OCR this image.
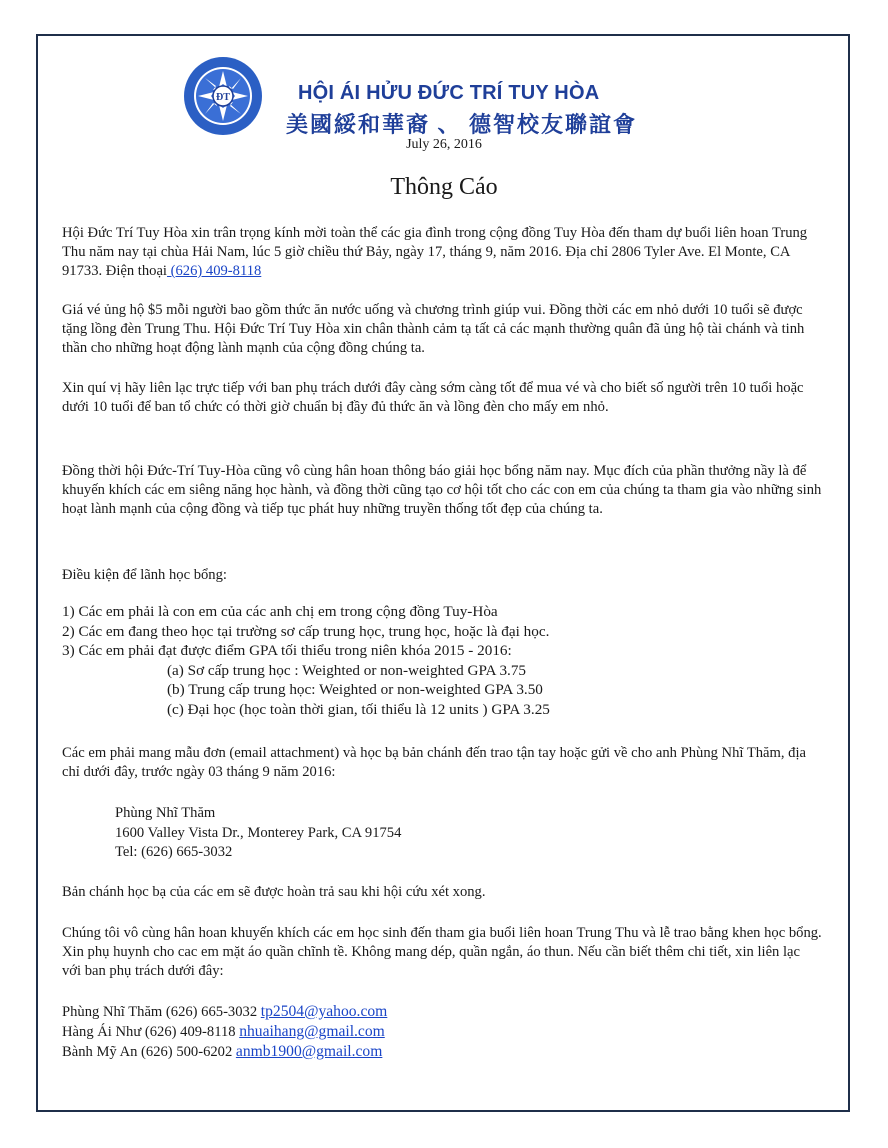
ĐT	HỘI ÁI HỬU ĐỨC TRÍ TUY HÒA
美國綏和華裔 、 德智校友聯誼會
July 26, 2016
Thông Cáo
Hội Đức Trí Tuy Hòa xin trân trọng kính mời toàn thể các gia đình trong cộng đồng Tuy Hòa đến tham dự buổi liên hoan Trung Thu năm nay tại chùa Hải Nam, lúc 5 giờ chiều thứ Bảy, ngày 17, tháng 9, năm 2016. Địa chỉ 2806 Tyler Ave. El Monte, CA 91733. Điện thoại (626) 409-8118
Giá vé ủng hộ $5 mỗi người bao gồm thức ăn nước uống và chương trình giúp vui. Đồng thời các em nhỏ dưới 10 tuổi sẽ được tặng lồng đèn Trung Thu. Hội Đức Trí Tuy Hòa xin chân thành cảm tạ tất cả các mạnh thường quân đã ủng hộ tài chánh và tinh thần cho những hoạt động lành mạnh của cộng đồng chúng ta.
Xin quí vị hãy liên lạc trực tiếp với ban phụ trách dưới đây càng sớm càng tốt để mua vé và cho biết số người trên 10 tuổi hoặc dưới 10 tuổi để ban tổ chức có thời giờ chuẩn bị đầy đủ thức ăn và lồng đèn cho mấy em nhỏ.
Đồng thời hội Đức-Trí Tuy-Hòa cũng vô cùng hân hoan thông báo giải học bổng năm nay. Mục đích của phần thưởng nầy là để khuyến khích các em siêng năng học hành, và đồng thời cũng tạo cơ hội tốt cho các con em của chúng ta tham gia vào những sinh hoạt lành mạnh của cộng đồng và tiếp tục phát huy những truyền thống tốt đẹp của chúng ta.
Điều kiện để lãnh học bổng:
1) Các em phải là con em của các anh chị em trong cộng đồng Tuy-Hòa
2) Các em đang theo học tại trường sơ cấp trung học, trung học, hoặc là đại học.
3) Các em phải đạt được điểm GPA tối thiểu trong niên khóa 2015 - 2016:
(a) Sơ cấp trung học : Weighted or non-weighted GPA 3.75
(b) Trung cấp trung học: Weighted or non-weighted GPA 3.50
(c) Đại học (học toàn thời gian, tối thiểu là 12 units ) GPA 3.25
Các em phải mang mẫu đơn (email attachment) và học bạ bản chánh đến trao tận tay hoặc gửi về cho anh Phùng Nhĩ Thăm, địa chỉ dưới đây, trước ngày 03 tháng 9 năm 2016:
Phùng Nhĩ Thăm
1600 Valley Vista Dr., Monterey Park, CA 91754
Tel: (626) 665-3032
Bản chánh học bạ của các em sẽ được hoàn trả sau khi hội cứu xét xong.
Chúng tôi vô cùng hân hoan khuyến khích các em học sinh đến tham gia buổi liên hoan Trung Thu và lễ trao bằng khen học bổng. Xin phụ huynh cho cac em mặt áo quần chĩnh tề. Không mang dép, quần ngắn, áo thun. Nếu cần biết thêm chi tiết, xin liên lạc với ban phụ trách dưới đây:
Phùng Nhĩ Thăm (626) 665-3032 tp2504@yahoo.com
Hàng Ái Như (626) 409-8118 nhuaihang@gmail.com
Bành Mỹ An (626) 500-6202 anmb1900@gmail.com
